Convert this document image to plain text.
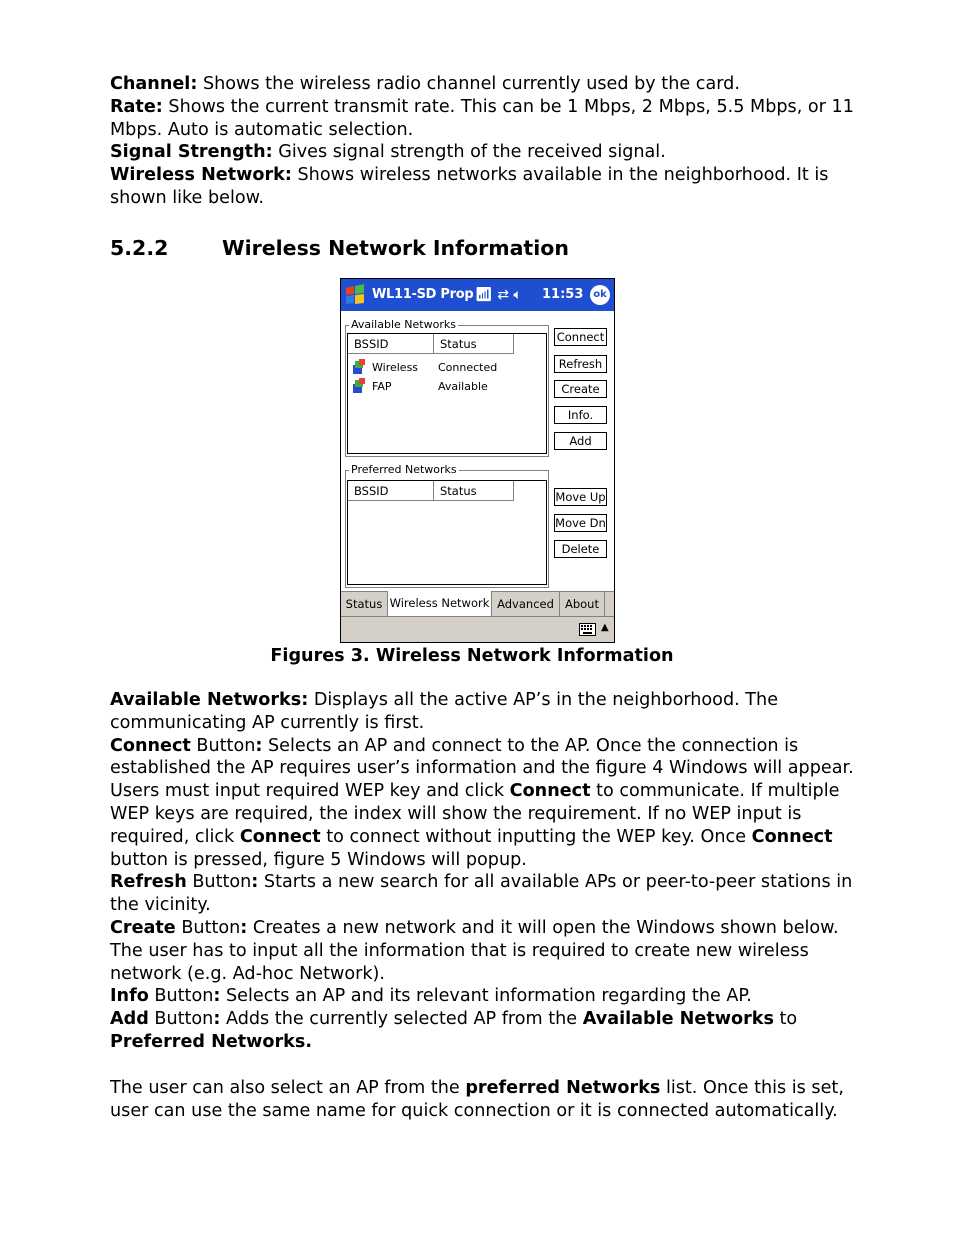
Channel: Shows the wireless radio channel currently used by the card.

Rate: Shows the current transmit rate. This can be 1 Mbps, 2 Mbps, 5.5 Mbps, or 11 Mbps. Auto is automatic selection.

Signal Strength: Gives signal strength of the received signal.

Wireless Network: Shows wireless networks available in the neighborhood. It is shown like below.

5.2.2	Wireless Network Information
WL11-SD Prop 📶︎ ⇄ 🔈︎ 11:53 ok
Available Networks
BSSID	Status
Wireless Connected
FAP	Available
Preferred Networks
BSSID	Status
Connect
Refresh
Create
Info.
Add
Move Up
Move Dn
Delete
Status Wireless Network Advanced About
▲
Figures 3. Wireless Network Information

Available Networks: Displays all the active AP’s in the neighborhood. The communicating AP currently is first.

Connect Button: Selects an AP and connect to the AP. Once the connection is established the AP requires user’s information and the figure 4 Windows will appear.

Users must input required WEP key and click Connect to communicate. If multiple WEP keys are required, the index will show the requirement. If no WEP input is required, click Connect to connect without inputting the WEP key. Once Connect button is pressed, figure 5 Windows will popup.

Refresh Button: Starts a new search for all available APs or peer-to-peer stations in the vicinity.

Create Button: Creates a new network and it will open the Windows shown below. The user has to input all the information that is required to create new wireless network (e.g. Ad-hoc Network).

Info Button: Selects an AP and its relevant information regarding the AP.

Add Button: Adds the currently selected AP from the Available Networks to Preferred Networks.

The user can also select an AP from the preferred Networks list. Once this is set, user can use the same name for quick connection or it is connected automatically.
